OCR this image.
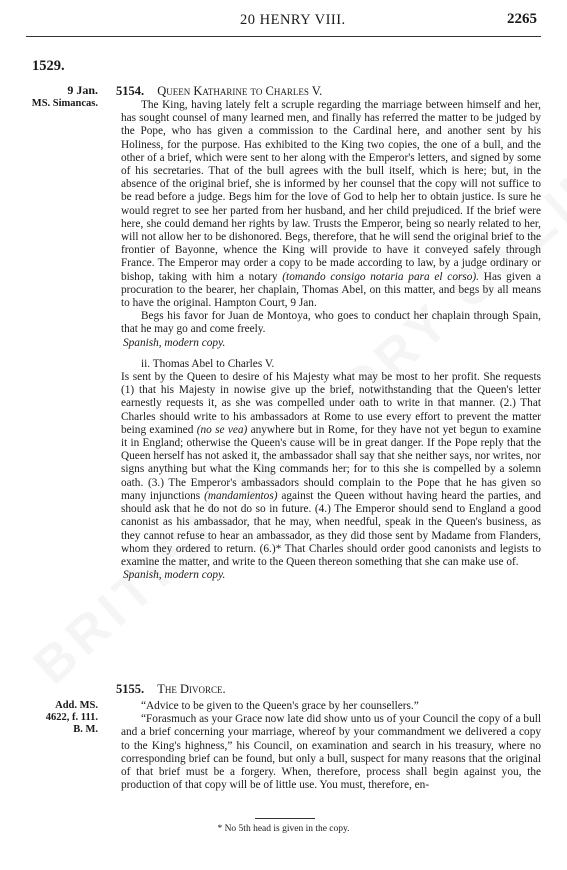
20 HENRY VIII.	2265
1529.
9 Jan.
MS. Simancas.
5154. Queen Katharine to Charles V.

The King, having lately felt a scruple regarding the marriage between himself and her, has sought counsel of many learned men, and finally has referred the matter to be judged by the Pope, who has given a commission to the Cardinal here, and another sent by his Holiness, for the purpose. Has exhibited to the King two copies, the one of a bull, and the other of a brief, which were sent to her along with the Emperor's letters, and signed by some of his secretaries. That of the bull agrees with the bull itself, which is here; but, in the absence of the original brief, she is informed by her counsel that the copy will not suffice to be read before a judge. Begs him for the love of God to help her to obtain justice. Is sure he would regret to see her parted from her husband, and her child prejudiced. If the brief were here, she could demand her rights by law. Trusts the Emperor, being so nearly related to her, will not allow her to be dishonored. Begs, therefore, that he will send the original brief to the frontier of Bayonne, whence the King will provide to have it conveyed safely through France. The Emperor may order a copy to be made according to law, by a judge ordinary or bishop, taking with him a notary (tomando consigo notaria para el corso). Has given a procuration to the bearer, her chaplain, Thomas Abel, on this matter, and begs by all means to have the original. Hampton Court, 9 Jan.

Begs his favor for Juan de Montoya, who goes to conduct her chaplain through Spain, that he may go and come freely.

Spanish, modern copy.

ii. Thomas Abel to Charles V.

Is sent by the Queen to desire of his Majesty what may be most to her profit. She requests (1) that his Majesty in nowise give up the brief, notwithstanding that the Queen's letter earnestly requests it, as she was compelled under oath to write in that manner. (2.) That Charles should write to his ambassadors at Rome to use every effort to prevent the matter being examined (no se vea) anywhere but in Rome, for they have not yet begun to examine it in England; otherwise the Queen's cause will be in great danger. If the Pope reply that the Queen herself has not asked it, the ambassador shall say that she neither says, nor writes, nor signs anything but what the King commands her; for to this she is compelled by a solemn oath. (3.) The Emperor's ambassadors should complain to the Pope that he has given so many injunctions (mandamientos) against the Queen without having heard the parties, and should ask that he do not do so in future. (4.) The Emperor should send to England a good canonist as his ambassador, that he may, when needful, speak in the Queen's business, as they cannot refuse to hear an ambassador, as they did those sent by Madame from Flanders, whom they ordered to return. (6.)* That Charles should order good canonists and legists to examine the matter, and write to the Queen thereon something that she can make use of.

Spanish, modern copy.

Add. MS.
4622, f. 111.
B. M.
5155. The Divorce.

“Advice to be given to the Queen's grace by her counsellers.”

“Forasmuch as your Grace now late did show unto us of your Council the copy of a bull and a brief concerning your marriage, whereof by your commandment we delivered a copy to the King's highness,” his Council, on examination and search in his treasury, where no corresponding brief can be found, but only a bull, suspect for many reasons that the original of that brief must be a forgery. When, therefore, process shall begin against you, the production of that copy will be of little use. You must, therefore, en-

* No 5th head is given in the copy.
